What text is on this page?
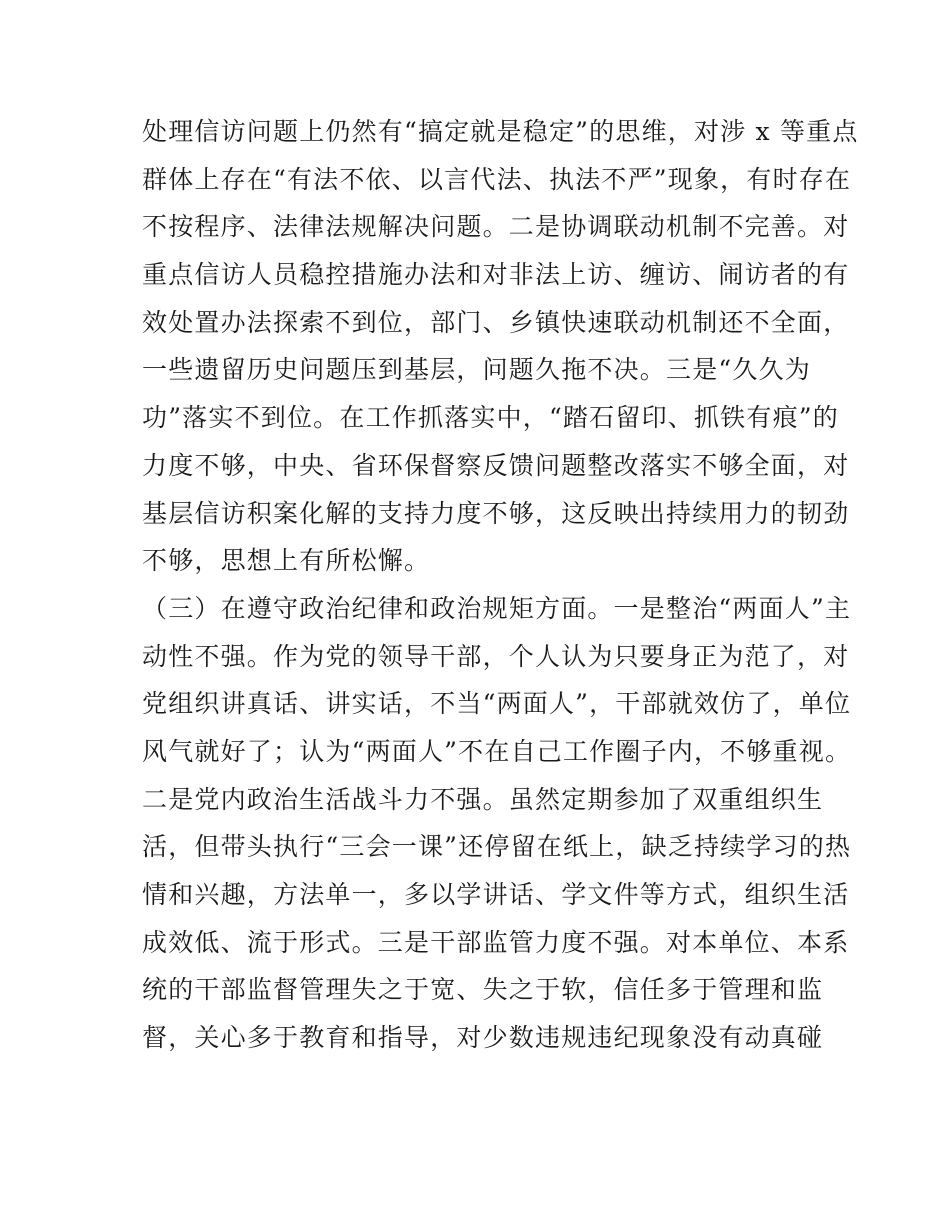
处理信访问题上仍然有“搞定就是稳定”的思维，对涉 x 等重点
群体上存在“有法不依、以言代法、执法不严”现象，有时存在
不按程序、法律法规解决问题。二是协调联动机制不完善。对
重点信访人员稳控措施办法和对非法上访、缠访、闹访者的有
效处置办法探索不到位，部门、乡镇快速联动机制还不全面，
一些遗留历史问题压到基层，问题久拖不决。三是“久久为
功”落实不到位。在工作抓落实中，“踏石留印、抓铁有痕”的
力度不够，中央、省环保督察反馈问题整改落实不够全面，对
基层信访积案化解的支持力度不够，这反映出持续用力的韧劲
不够，思想上有所松懈。
（三）在遵守政治纪律和政治规矩方面。一是整治“两面人”主
动性不强。作为党的领导干部，个人认为只要身正为范了，对
党组织讲真话、讲实话，不当“两面人”，干部就效仿了，单位
风气就好了；认为“两面人”不在自己工作圈子内，不够重视。
二是党内政治生活战斗力不强。虽然定期参加了双重组织生
活，但带头执行“三会一课”还停留在纸上，缺乏持续学习的热
情和兴趣，方法单一，多以学讲话、学文件等方式，组织生活
成效低、流于形式。三是干部监管力度不强。对本单位、本系
统的干部监督管理失之于宽、失之于软，信任多于管理和监
督，关心多于教育和指导，对少数违规违纪现象没有动真碰
